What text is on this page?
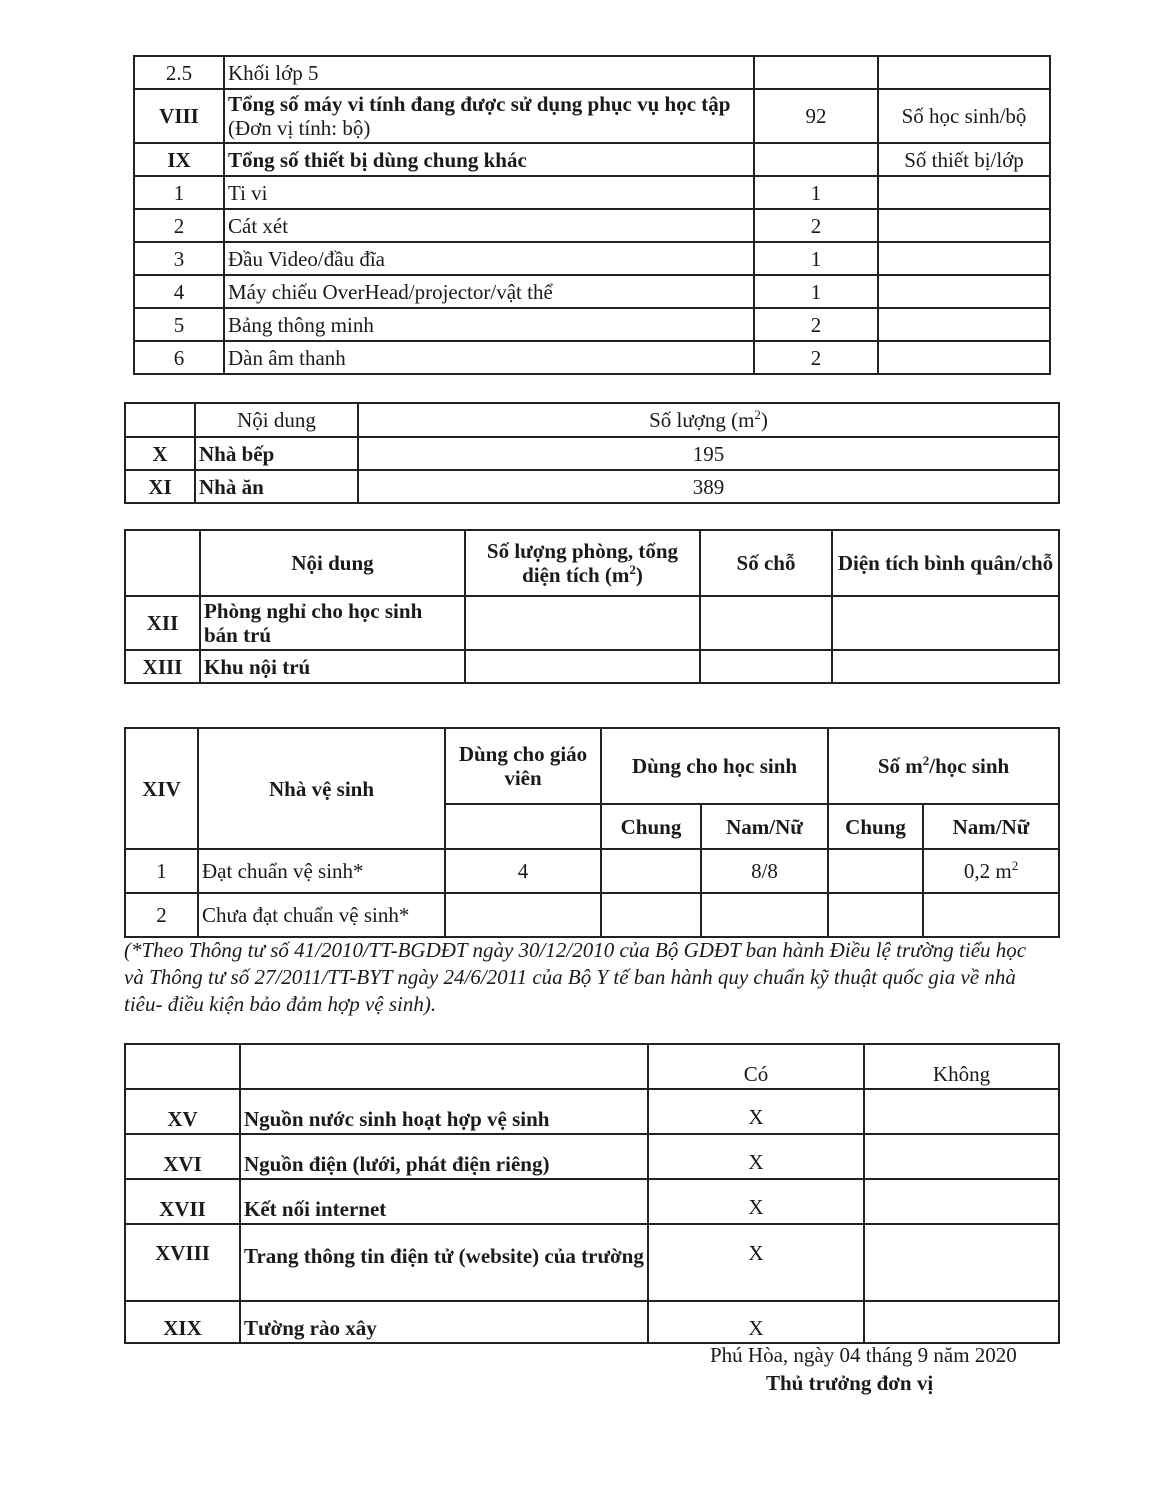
2.5	Khối lớp 5		
VIII	Tổng số máy vi tính đang được sử dụng phục vụ học tập (Đơn vị tính: bộ)	92	Số học sinh/bộ
IX	Tổng số thiết bị dùng chung khác		Số thiết bị/lớp
1	Ti vi	1	
2	Cát xét	2	
3	Đầu Video/đầu đĩa	1	
4	Máy chiếu OverHead/projector/vật thể	1	
5	Bảng thông minh	2	
6	Dàn âm thanh	2	
	Nội dung	Số lượng $(m^2)$
X	Nhà bếp	195
XI	Nhà ăn	389
	Nội dung	Số lượng phòng, tổng diện tích $(m^2)$	Số chỗ	Diện tích bình quân/chỗ
XII	Phòng nghỉ cho học sinh bán trú			
XIII	Khu nội trú			
XIV	Nhà vệ sinh	Dùng cho giáo viên	Dùng cho học sinh		Số $m^2$/học sinh	
			Chung	Nam/Nữ	Chung	Nam/Nữ
1	Đạt chuẩn vệ sinh*	4		8/8		0,2 $m^2$
2	Chưa đạt chuẩn vệ sinh*					
(*Theo Thông tư số 41/2010/TT-BGDĐT ngày 30/12/2010 của Bộ GDĐT ban hành Điều lệ trường tiểu học và Thông tư số 27/2011/TT-BYT ngày 24/6/2011 của Bộ Y tế ban hành quy chuẩn kỹ thuật quốc gia về nhà tiêu- điều kiện bảo đảm hợp vệ sinh).
		Có	Không
XV	Nguồn nước sinh hoạt hợp vệ sinh	X	
XVI	Nguồn điện (lưới, phát điện riêng)	X	
XVII	Kết nối internet	X	
XVIII	Trang thông tin điện tử (website) của trường	X	
XIX	Tường rào xây	X	
Phú Hòa, ngày 04 tháng 9 năm 2020
Thủ trưởng đơn vị
